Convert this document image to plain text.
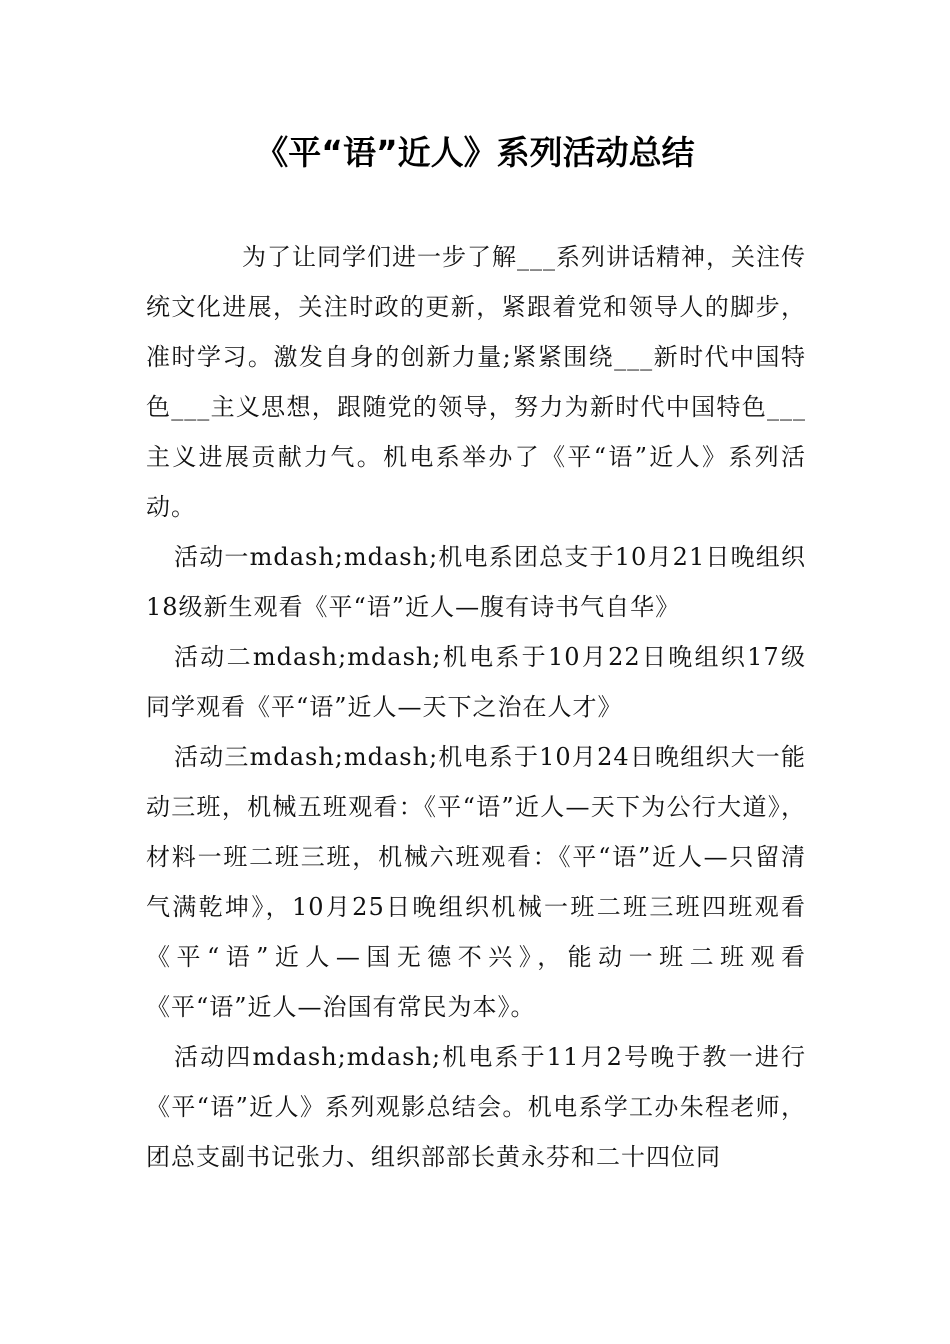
《平“语”近人》系列活动总结

为了让同学们进一步了解___系列讲话精神，关注传统文化进展，关注时政的更新，紧跟着党和领导人的脚步，准时学习。激发自身的创新力量;紧紧围绕___新时代中国特色___主义思想，跟随党的领导，努力为新时代中国特色___主义进展贡献力气。机电系举办了《平“语”近人》系列活动。

活动一mdash;mdash;机电系团总支于10月21日晚组织18级新生观看《平“语”近人—腹有诗书气自华》

活动二mdash;mdash;机电系于10月22日晚组织17级同学观看《平“语”近人—天下之治在人才》

活动三mdash;mdash;机电系于10月24日晚组织大一能动三班，机械五班观看：《平“语”近人—天下为公行大道》，材料一班二班三班，机械六班观看：《平“语”近人—只留清气满乾坤》，10月25日晚组织机械一班二班三班四班观看《平“语”近人—国无德不兴》，能动一班二班观看《平“语”近人—治国有常民为本》。

活动四mdash;mdash;机电系于11月2号晚于教一进行《平“语”近人》系列观影总结会。机电系学工办朱程老师，团总支副书记张力、组织部部长黄永芬和二十四位同
